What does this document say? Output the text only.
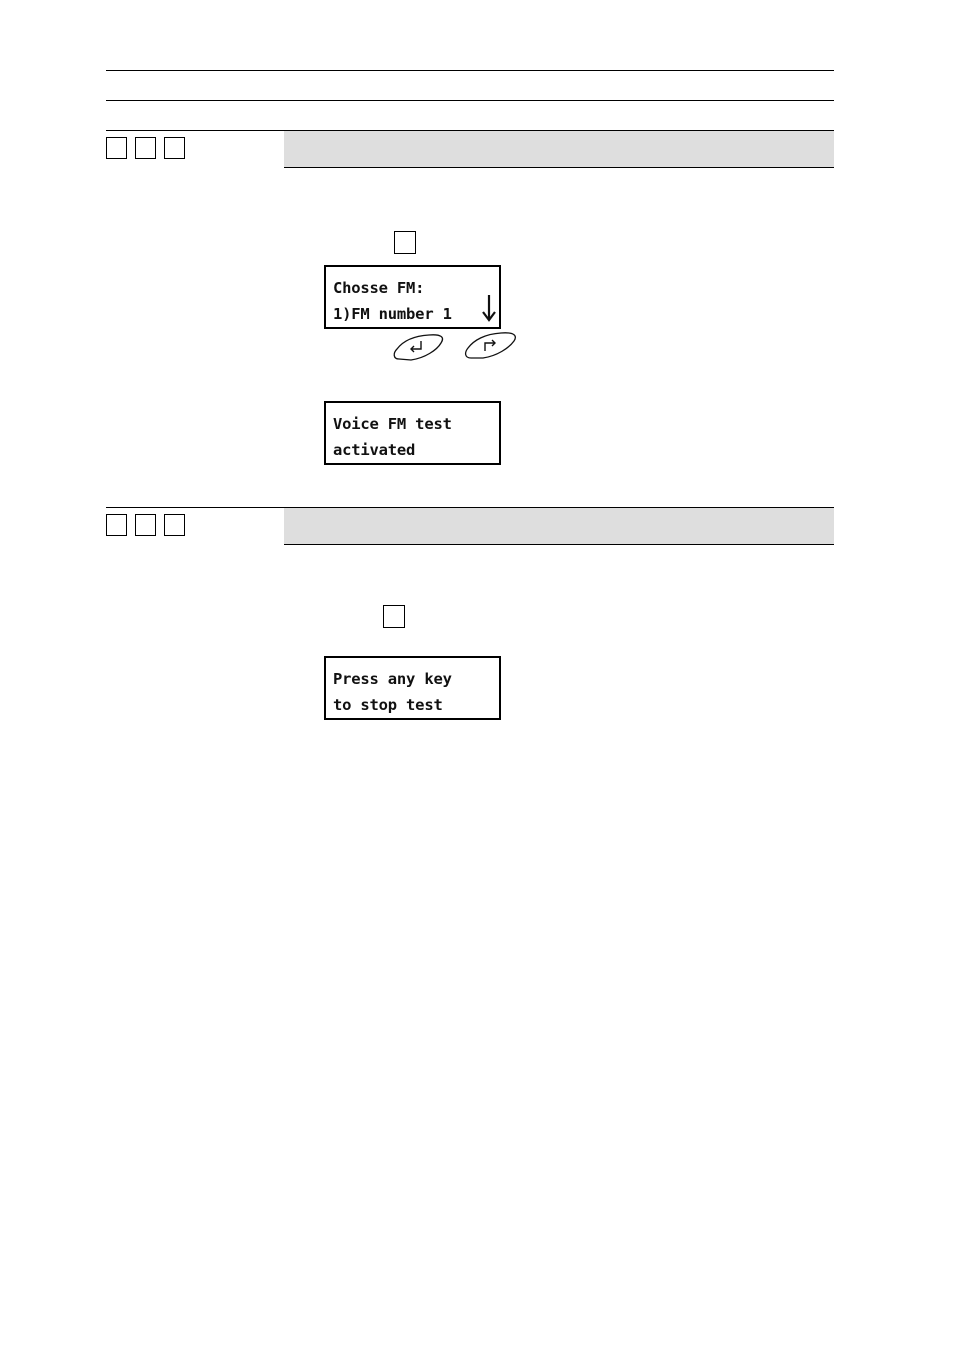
Chosse FM:
1)FM number 1
Voice FM test
activated
Press any key
to stop test
